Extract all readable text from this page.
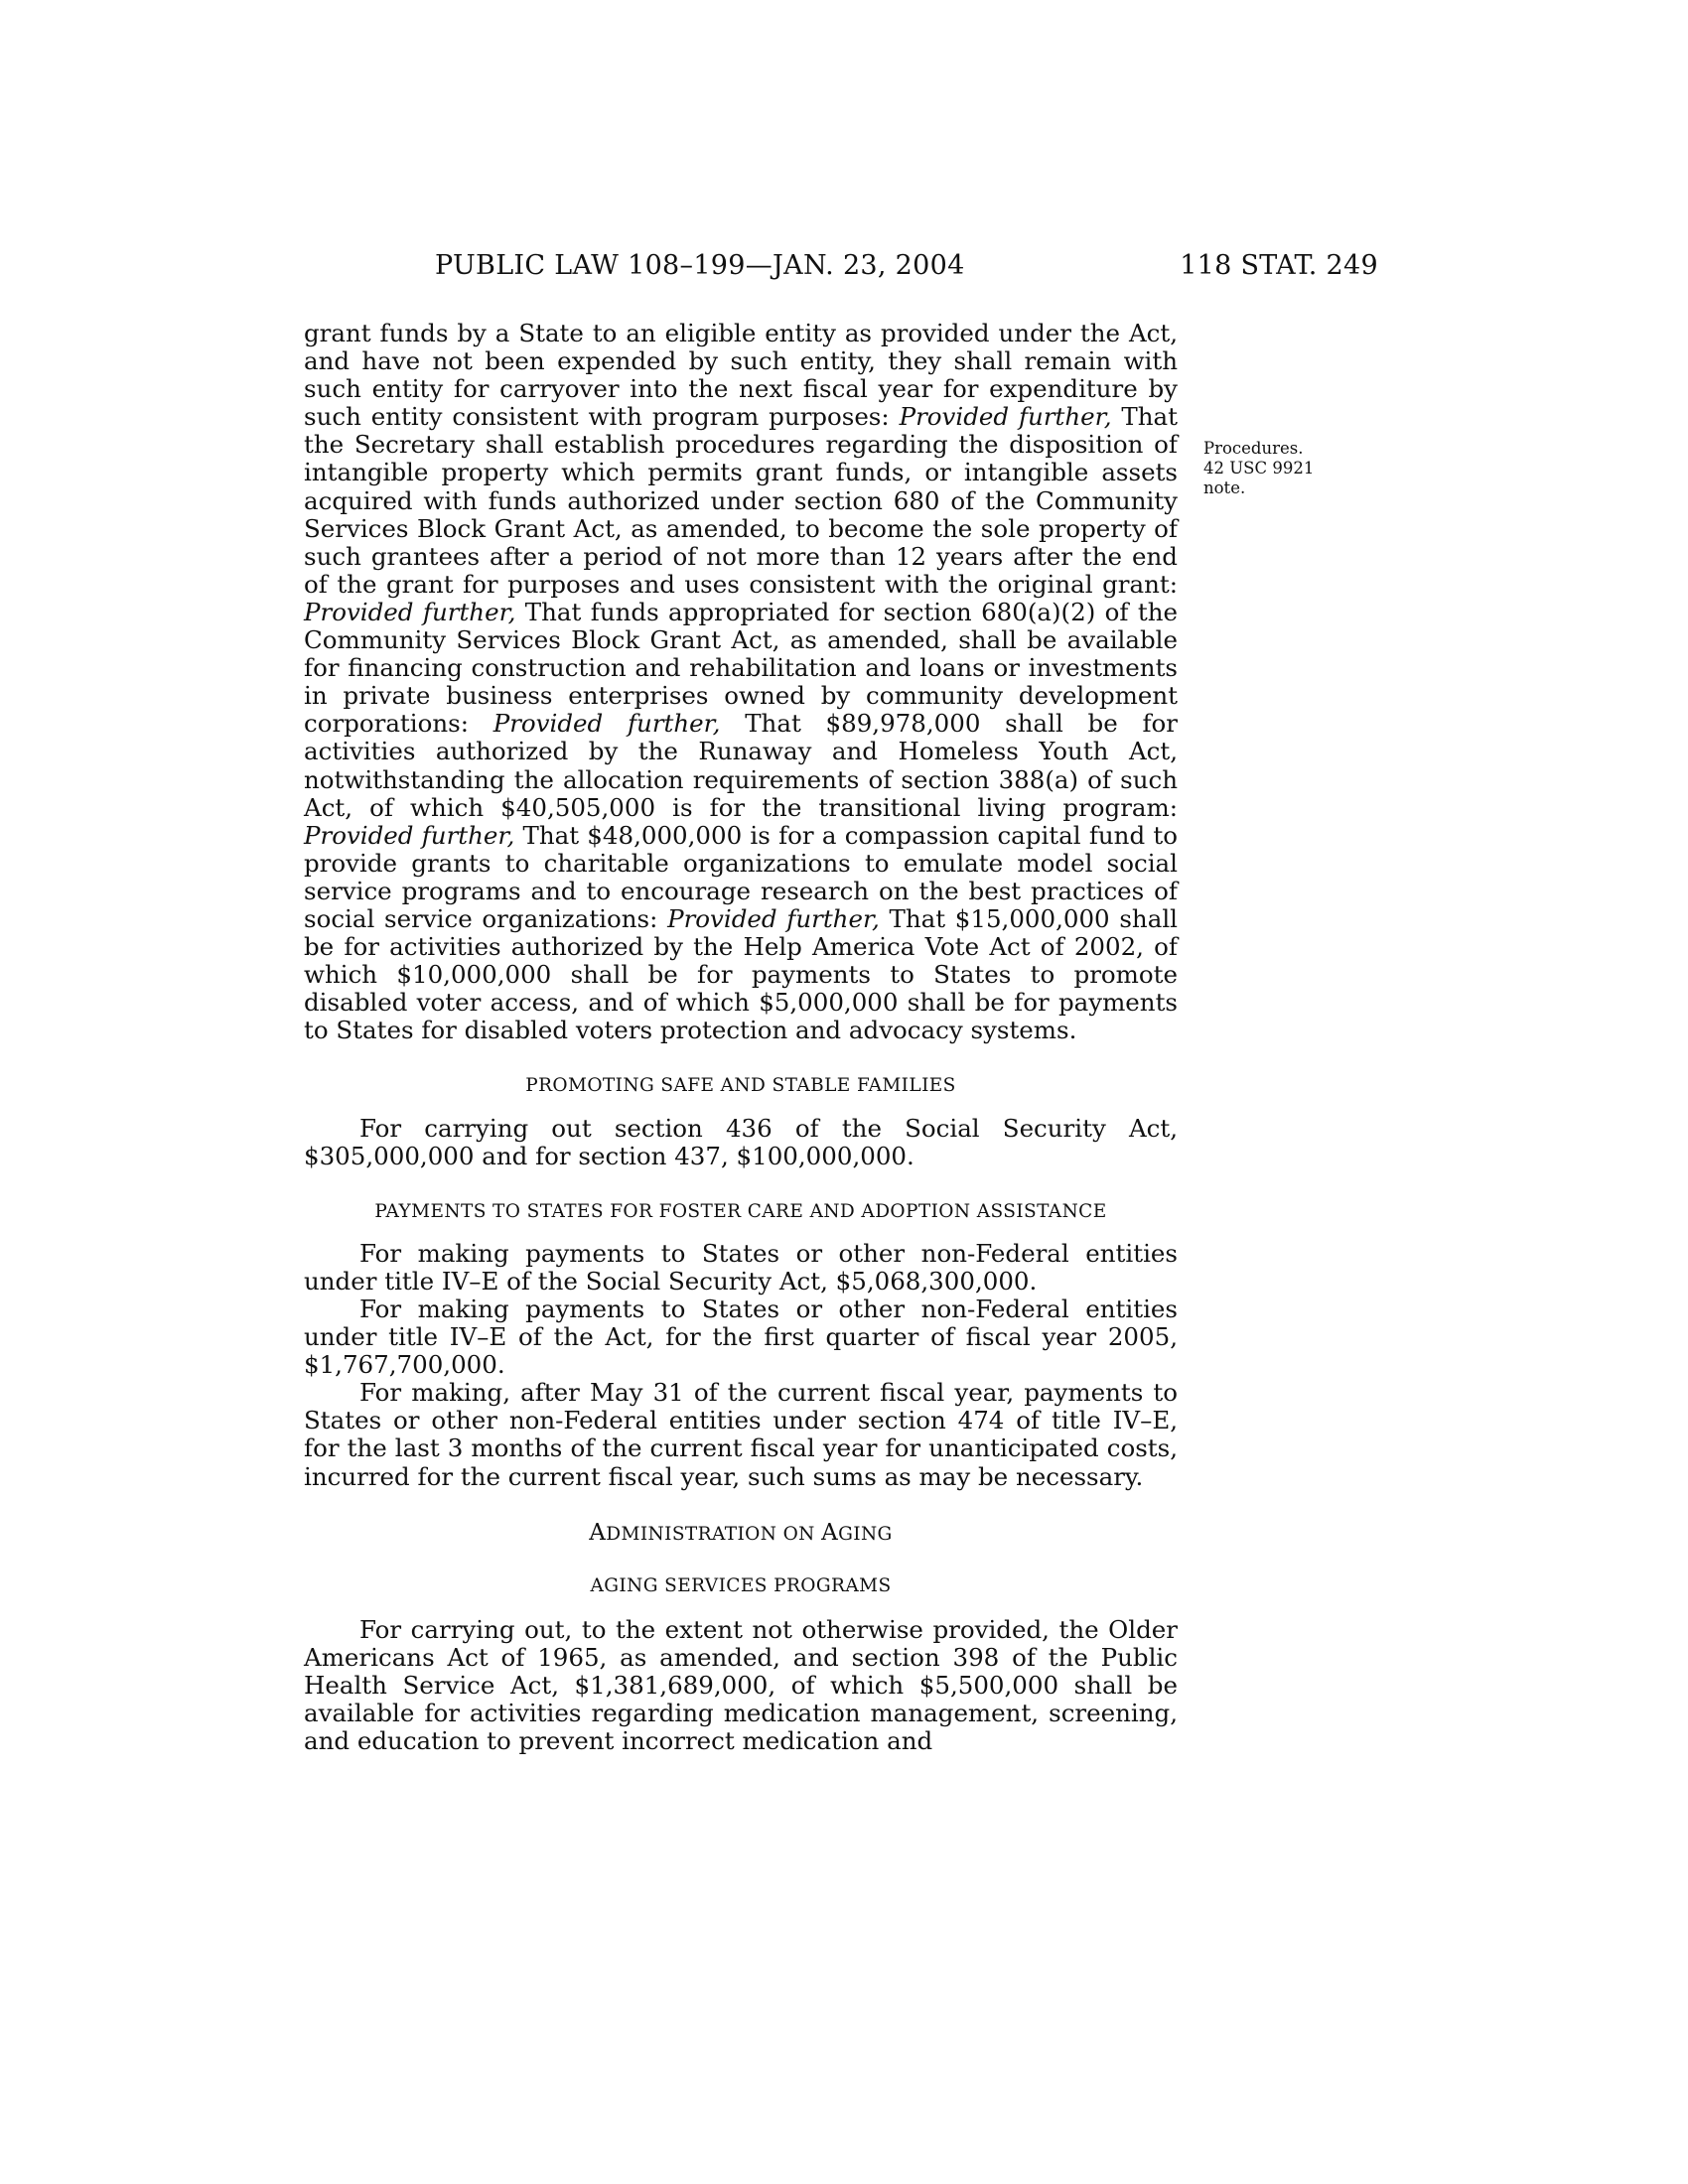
PUBLIC LAW 108–199—JAN. 23, 2004	118 STAT. 249
Procedures.
42 USC 9921
note.

grant funds by a State to an eligible entity as provided under the Act, and have not been expended by such entity, they shall remain with such entity for carryover into the next fiscal year for expenditure by such entity consistent with program purposes: Provided further, That the Secretary shall establish procedures regarding the disposition of intangible property which permits grant funds, or intangible assets acquired with funds authorized under section 680 of the Community Services Block Grant Act, as amended, to become the sole property of such grantees after a period of not more than 12 years after the end of the grant for purposes and uses consistent with the original grant: Provided further, That funds appropriated for section 680(a)(2) of the Community Services Block Grant Act, as amended, shall be available for financing construction and rehabilitation and loans or investments in private business enterprises owned by community development corporations: Provided further, That $89,978,000 shall be for activities authorized by the Runaway and Homeless Youth Act, notwithstanding the allocation requirements of section 388(a) of such Act, of which $40,505,000 is for the transitional living program: Provided further, That $48,000,000 is for a compassion capital fund to provide grants to charitable organizations to emulate model social service programs and to encourage research on the best practices of social service organizations: Provided further, That $15,000,000 shall be for activities authorized by the Help America Vote Act of 2002, of which $10,000,000 shall be for payments to States to promote disabled voter access, and of which $5,000,000 shall be for payments to States for disabled voters protection and advocacy systems.

PROMOTING SAFE AND STABLE FAMILIES

For carrying out section 436 of the Social Security Act, $305,000,000 and for section 437, $100,000,000.

PAYMENTS TO STATES FOR FOSTER CARE AND ADOPTION ASSISTANCE

For making payments to States or other non-Federal entities under title IV–E of the Social Security Act, $5,068,300,000.

For making payments to States or other non-Federal entities under title IV–E of the Act, for the first quarter of fiscal year 2005, $1,767,700,000.

For making, after May 31 of the current fiscal year, payments to States or other non-Federal entities under section 474 of title IV–E, for the last 3 months of the current fiscal year for unanticipated costs, incurred for the current fiscal year, such sums as may be necessary.

ADMINISTRATION ON AGING

AGING SERVICES PROGRAMS

For carrying out, to the extent not otherwise provided, the Older Americans Act of 1965, as amended, and section 398 of the Public Health Service Act, $1,381,689,000, of which $5,500,000 shall be available for activities regarding medication management, screening, and education to prevent incorrect medication and
